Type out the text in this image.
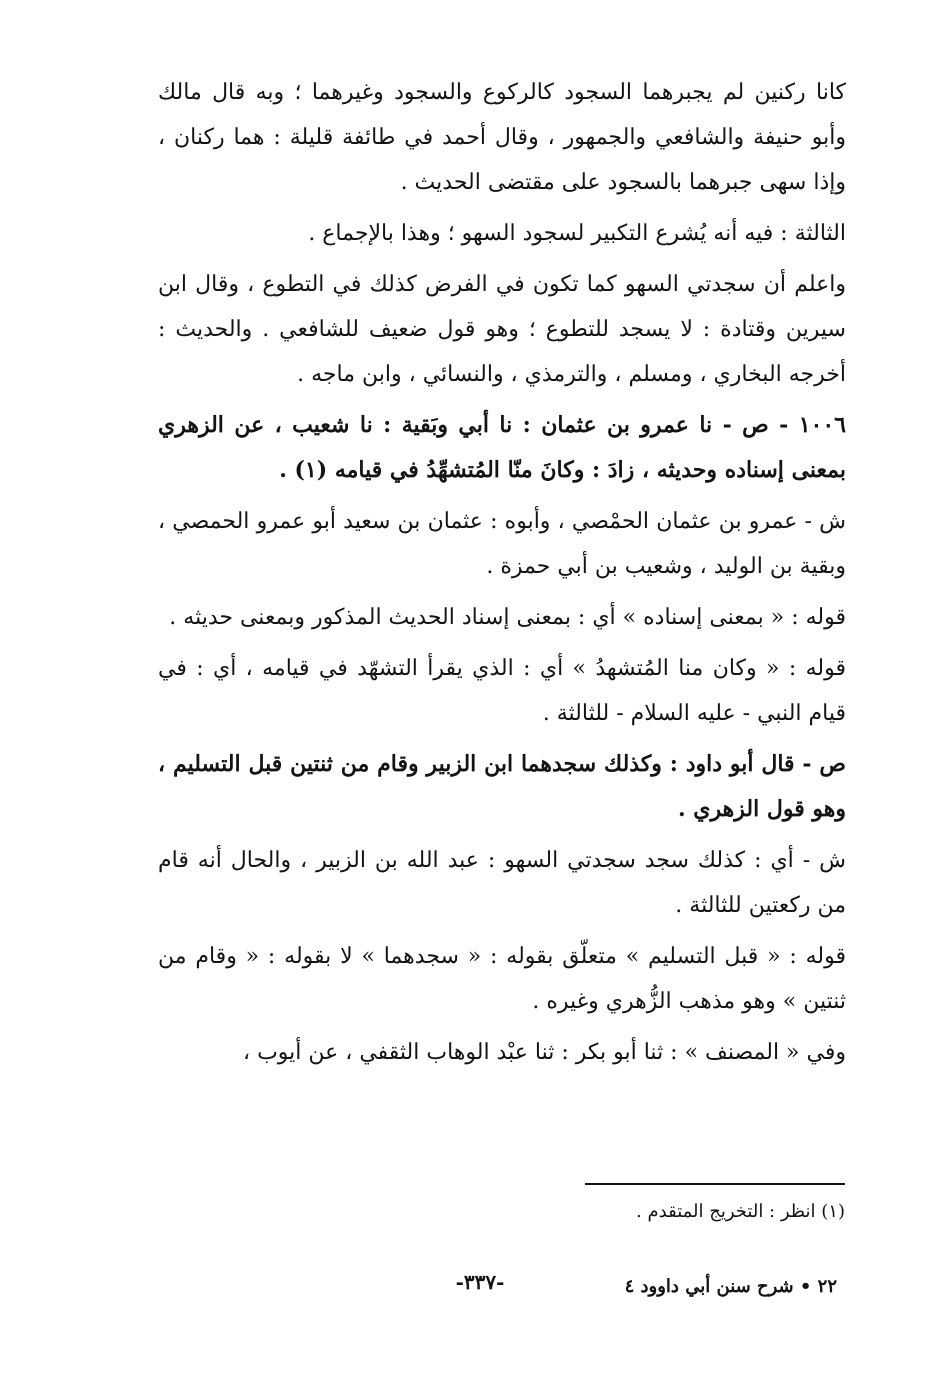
كانا ركنين لم يجبرهما السجود كالركوع والسجود وغيرهما ؛ وبه قال مالك وأبو حنيفة والشافعي والجمهور ، وقال أحمد في طائفة قليلة : هما ركنان ، وإذا سهى جبرهما بالسجود على مقتضى الحديث .

الثالثة : فيه أنه يُشرع التكبير لسجود السهو ؛ وهذا بالإجماع .

واعلم أن سجدتي السهو كما تكون في الفرض كذلك في التطوع ، وقال ابن سيرين وقتادة : لا يسجد للتطوع ؛ وهو قول ضعيف للشافعي . والحديث : أخرجه البخاري ، ومسلم ، والترمذي ، والنسائي ، وابن ماجه .

١٠٠٦ - ص - نا عمرو بن عثمان : نا أبي وبَقية : نا شعيب ، عن الزهري بمعنى إسناده وحديثه ، زادَ : وكانَ منّا المُتشهِّدُ في قيامه (١) .

ش - عمرو بن عثمان الحمْصي ، وأبوه : عثمان بن سعيد أبو عمرو الحمصي ، وبقية بن الوليد ، وشعيب بن أبي حمزة .

قوله : « بمعنى إسناده » أي : بمعنى إسناد الحديث المذكور وبمعنى حديثه .

قوله : « وكان منا المُتشهدُ » أي : الذي يقرأ التشهّد في قيامه ، أي : في قيام النبي - عليه السلام - للثالثة .

ص - قال أبو داود : وكذلك سجدهما ابن الزبير وقام من ثنتين قبل التسليم ، وهو قول الزهري .

ش - أي : كذلك سجد سجدتي السهو : عبد الله بن الزبير ، والحال أنه قام من ركعتين للثالثة .

قوله : « قبل التسليم » متعلّق بقوله : « سجدهما » لا بقوله : « وقام من ثنتين » وهو مذهب الزُّهري وغيره .

وفي « المصنف » : ثنا أبو بكر : ثنا عبْد الوهاب الثقفي ، عن أيوب ،

(١) انظر : التخريج المتقدم .

-٣٣٧-	٢٢ • شرح سنن أبي داوود ٤
